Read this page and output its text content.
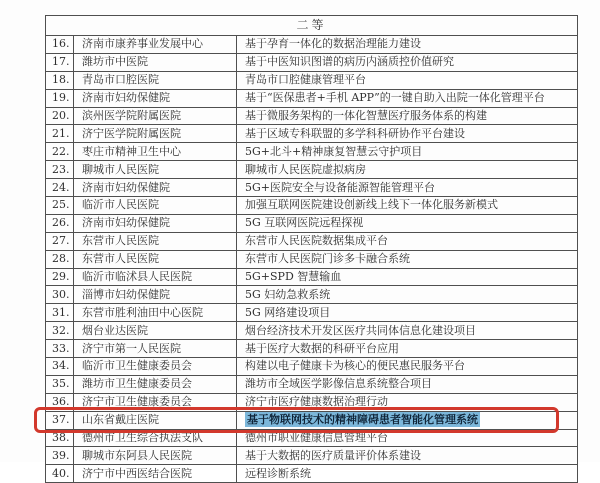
二等		
16.	济南市康养事业发展中心	基于孕育一体化的数据治理能力建设
17.	潍坊市中医院	基于中医知识图谱的病历内涵质控价值研究
18.	青岛市口腔医院	青岛市口腔健康管理平台
19.	济南市妇幼保健院	基于“医保患者+手机 APP”的一键自助入出院一体化管理平台
20.	滨州医学院附属医院	基于微服务架构的一体化智慧医疗服务体系的构建
21.	济宁医学院附属医院	基于区域专科联盟的多学科科研协作平台建设
22.	枣庄市精神卫生中心	5G+北斗+精神康复智慧云守护项目
23.	聊城市人民医院	聊城市人民医院虚拟病房
24.	济南市妇幼保健院	5G+医院安全与设备能源智能管理平台
25.	临沂市人民医院	加强互联网医院建设创新线上线下一体化服务新模式
26.	济南市妇幼保健院	5G 互联网医院远程探视
27.	东营市人民医院	东营市人民医院数据集成平台
28.	东营市人民医院	东营市人民医院门诊多卡融合系统
29.	临沂市临沭县人民医院	5G+SPD 智慧输血
30.	淄博市妇幼保健院	5G 妇幼急救系统
31.	东营市胜利油田中心医院	5G 网络建设项目
32.	烟台业达医院	烟台经济技术开发区医疗共同体信息化建设项目
33.	济宁市第一人民医院	基于医疗大数据的科研平台应用
34.	临沂市卫生健康委员会	构建以电子健康卡为核心的便民惠民服务平台
35.	潍坊市卫生健康委员会	潍坊市全域医学影像信息系统整合项目
36.	济宁市卫生健康委员会	济宁市医疗健康数据治理行动
37.	山东省戴庄医院	基于物联网技术的精神障碍患者智能化管理系统
38.	德州市卫生综合执法支队	德州市职业健康信息管理平台
39.	聊城市东阿县人民医院	基于大数据的医疗质量评价体系建设
40.	济宁市中西医结合医院	远程诊断系统
